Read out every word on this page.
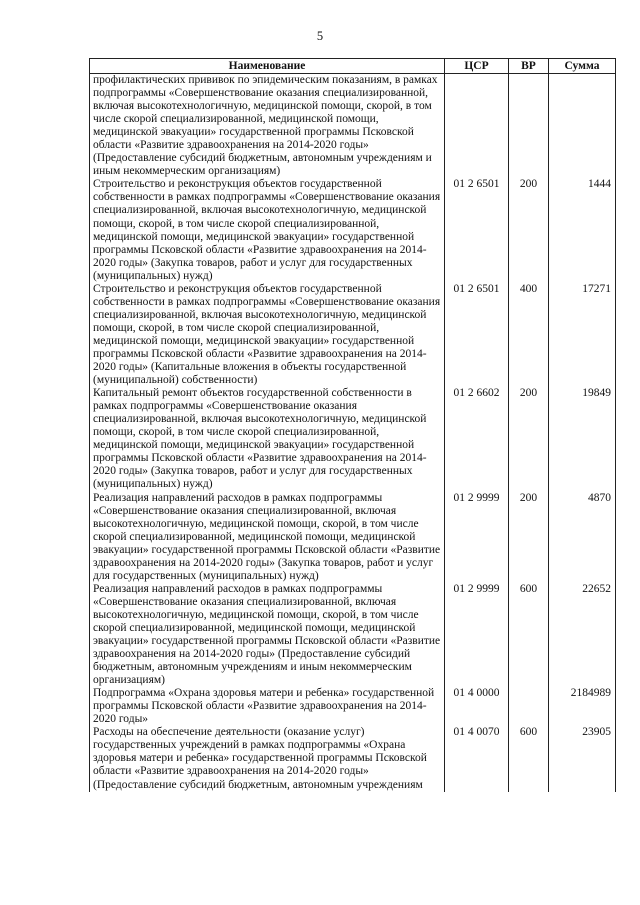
5
Наименование	ЦСР	ВР	Сумма
профилактических прививок по эпидемическим показаниям, в рамках подпрограммы «Совершенствование оказания специализированной, включая высокотехнологичную, медицинской помощи, скорой, в том числе скорой специализированной, медицинской помощи, медицинской эвакуации» государственной программы Псковской области «Развитие здравоохранения на 2014-2020 годы» (Предоставление субсидий бюджетным, автономным учреждениям и иным некоммерческим организациям)			
Строительство и реконструкция объектов государственной собственности в рамках подпрограммы «Совершенствование оказания специализированной, включая высокотехнологичную, медицинской помощи, скорой, в том числе скорой специализированной, медицинской помощи, медицинской эвакуации» государственной программы Псковской области «Развитие здравоохранения на 2014-2020 годы» (Закупка товаров, работ и услуг для государственных (муниципальных) нужд)	01 2 6501	200	1444
Строительство и реконструкция объектов государственной собственности в рамках подпрограммы «Совершенствование оказания специализированной, включая высокотехнологичную, медицинской помощи, скорой, в том числе скорой специализированной, медицинской помощи, медицинской эвакуации» государственной программы Псковской области «Развитие здравоохранения на 2014-2020 годы» (Капитальные вложения в объекты государственной (муниципальной) собственности)	01 2 6501	400	17271
Капитальный ремонт объектов государственной собственности в рамках подпрограммы «Совершенствование оказания специализированной, включая высокотехнологичную, медицинской помощи, скорой, в том числе скорой специализированной, медицинской помощи, медицинской эвакуации» государственной программы Псковской области «Развитие здравоохранения на 2014-2020 годы» (Закупка товаров, работ и услуг для государственных (муниципальных) нужд)	01 2 6602	200	19849
Реализация направлений расходов в рамках подпрограммы «Совершенствование оказания специализированной, включая высокотехнологичную, медицинской помощи, скорой, в том числе скорой специализированной, медицинской помощи, медицинской эвакуации» государственной программы Псковской области «Развитие здравоохранения на 2014-2020 годы» (Закупка товаров, работ и услуг для государственных (муниципальных) нужд)	01 2 9999	200	4870
Реализация направлений расходов в рамках подпрограммы «Совершенствование оказания специализированной, включая высокотехнологичную, медицинской помощи, скорой, в том числе скорой специализированной, медицинской помощи, медицинской эвакуации» государственной программы Псковской области «Развитие здравоохранения на 2014-2020 годы» (Предоставление субсидий бюджетным, автономным учреждениям и иным некоммерческим организациям)	01 2 9999	600	22652
Подпрограмма «Охрана здоровья матери и ребенка» государственной программы Псковской области «Развитие здравоохранения на 2014-2020 годы»	01 4 0000		2184989
Расходы на обеспечение деятельности (оказание услуг) государственных учреждений в рамках подпрограммы «Охрана здоровья матери и ребенка» государственной программы Псковской области «Развитие здравоохранения на 2014-2020 годы» (Предоставление субсидий бюджетным, автономным учреждениям	01 4 0070	600	23905
